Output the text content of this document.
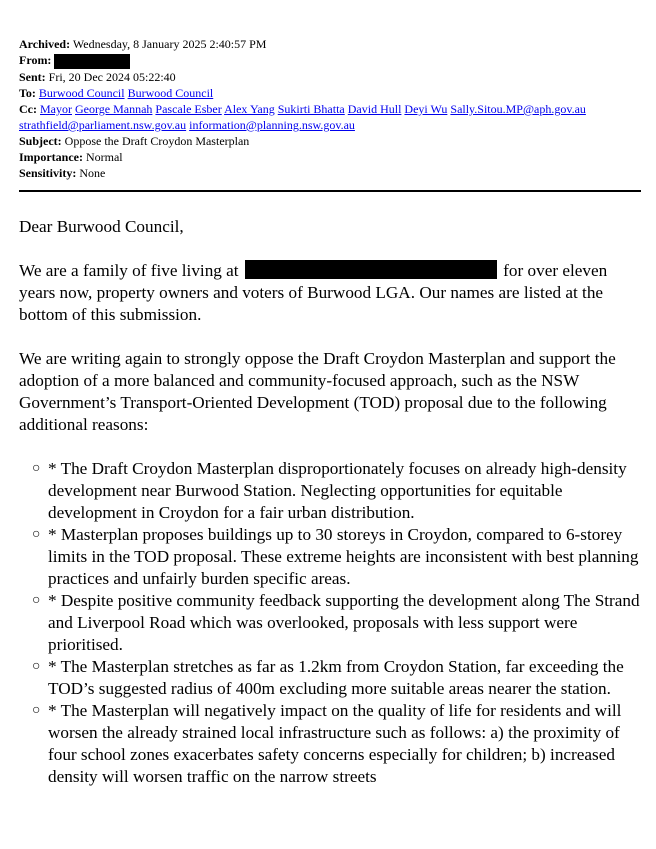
Archived: Wednesday, 8 January 2025 2:40:57 PM
From:
Sent: Fri, 20 Dec 2024 05:22:40
To: Burwood Council Burwood Council
Cc: Mayor George Mannah Pascale Esber Alex Yang Sukirti Bhatta David Hull Deyi Wu Sally.Sitou.MP@aph.gov.au
strathfield@parliament.nsw.gov.au information@planning.nsw.gov.au
Subject: Oppose the Draft Croydon Masterplan
Importance: Normal
Sensitivity: None

Dear Burwood Council,

We are a family of five living at	for over eleven years now, property owners and voters of Burwood LGA. Our names are listed at the bottom of this submission.

We are writing again to strongly oppose the Draft Croydon Masterplan and support the adoption of a more balanced and community-focused approach, such as the NSW Government’s Transport-Oriented Development (TOD) proposal due to the following additional reasons:

○ * The Draft Croydon Masterplan disproportionately focuses on already high-density development near Burwood Station. Neglecting opportunities for equitable development in Croydon for a fair urban distribution.
○ * Masterplan proposes buildings up to 30 storeys in Croydon, compared to 6-storey limits in the TOD proposal. These extreme heights are inconsistent with best planning practices and unfairly burden specific areas.
○ * Despite positive community feedback supporting the development along The Strand and Liverpool Road which was overlooked, proposals with less support were prioritised.
○ * The Masterplan stretches as far as 1.2km from Croydon Station, far exceeding the TOD’s suggested radius of 400m excluding more suitable areas nearer the station.
○ * The Masterplan will negatively impact on the quality of life for residents and will worsen the already strained local infrastructure such as follows: a) the proximity of four school zones exacerbates safety concerns especially for children; b) increased density will worsen traffic on the narrow streets
